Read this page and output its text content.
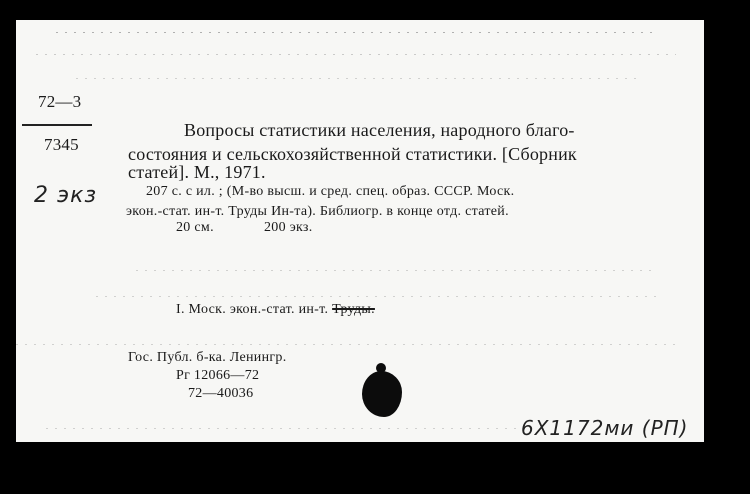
72—3
7345
2 экз
Вопросы статистики населения, народного благо-
состояния и сельскохозяйственной статистики. [Сборник
статей]. М., 1971.
207 с. с ил. ; (М-во высш. и сред. спец. образ. СССР. Моск.
экон.-стат. ин-т. Труды Ин-та). Библиогр. в конце отд. статей.
20 см.	200 экз.
I. Моск. экон.-стат. ин-т. Труды.
Гос. Публ. б-ка. Ленингр.
Рг 12066—72
72—40036
6X1172ми (РП)
